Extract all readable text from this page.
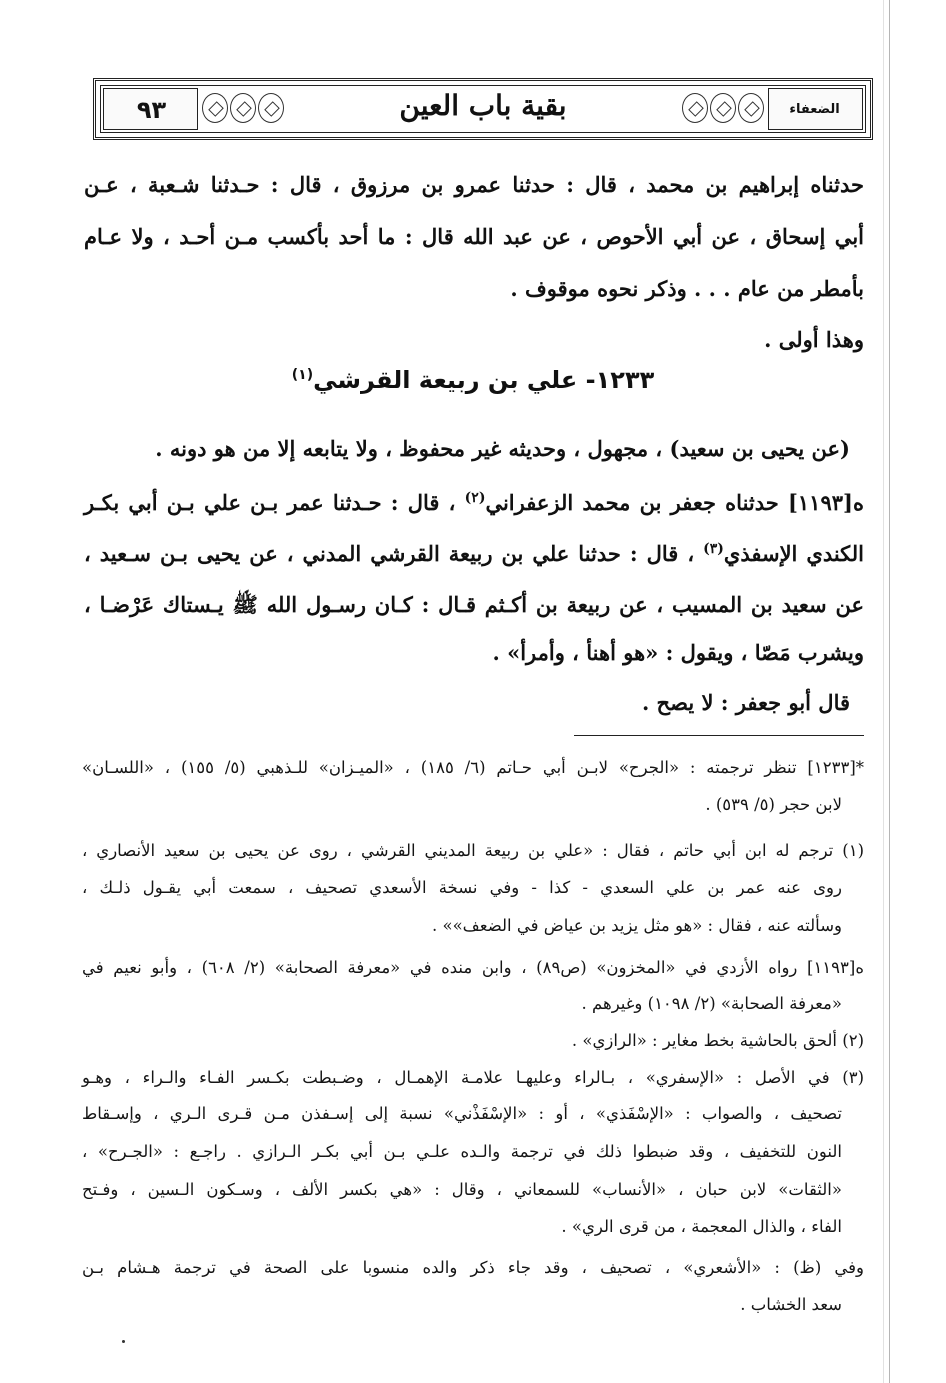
٩٣	بقية باب العين	الضعفاء
حدثناه إبراهيم بن محمد ، قال : حدثنا عمرو بن مرزوق ، قال : حـدثنا شـعبة ، عـن
أبي إسحاق ، عن أبي الأحوص ، عن عبد الله قال : ما أحد بأكسب مـن أحـد ، ولا عـام
بأمطر من عام . . . وذكر نحوه موقوف .
وهذا أولى .
١٢٣٣- علي بن ربيعة القرشي$^{(١)}$
(عن يحيى بن سعيد) ، مجهول ، وحديثه غير محفوظ ، ولا يتابعه إلا من هو دونه .
ه[١١٩٣] حدثناه جعفر بن محمد الزعفراني$^{(٢)}$ ، قال : حـدثنا عمر بـن علي بـن أبي بكـر
الكندي الإسفذي$^{(٣)}$ ، قال : حدثنا علي بن ربيعة القرشي المدني ، عن يحيى بـن سـعيد ،
عن سعيد بن المسيب ، عن ربيعة بن أكـثم قـال : كـان رسـول الله ﷺ يـستاك عَرْضـا ،
ويشرب مَصّا ، ويقول : «هو أهنأ ، وأمرأ» .
قال أبو جعفر : لا يصح .
*[١٢٣٣] تنظر ترجمته : «الجرح» لابـن أبي حـاتم (٦/ ١٨٥) ، «الميـزان» للـذهبي (٥/ ١٥٥) ، «اللسـان»
لابن حجر (٥/ ٥٣٩) .
(١) ترجم له ابن أبي حاتم ، فقال : «علي بن ربيعة المديني القرشي ، روى عن يحيى بن سعيد الأنصاري ،
روى عنه عمر بن علي السعدي - كذا - وفي نسخة الأسعدي تصحيف ، سمعت أبي يقـول ذلـك ،
وسألته عنه ، فقال : «هو مثل يزيد بن عياض في الضعف»» .
ه[١١٩٣] رواه الأزدي في «المخزون» (ص٨٩) ، وابن منده في «معرفة الصحابة» (٢/ ٦٠٨) ، وأبو نعيم في
«معرفة الصحابة» (٢/ ١٠٩٨) وغيرهم .
(٢) ألحق بالحاشية بخط مغاير : «الرازي» .
(٣) في الأصل : «الإسفري» ، بـالراء وعليهـا علامـة الإهمـال ، وضـبطت بكـسر الفـاء والـراء ، وهـو
تصحيف ، والصواب : «الإسْفَذي» ، أو : «الإسْفَذْني» نسبة إلى إسـفذن مـن قـرى الـري ، وإسـقاط
النون للتخفيف ، وقد ضبطوا ذلك في ترجمة والـده علـي بـن أبي بكـر الـرازي . راجـع : «الجـرح» ،
«الثقات» لابن حبان ، «الأنساب» للسمعاني ، وقال : «هي بكسر الألف ، وسـكون الـسين ، وفـتح
الفاء ، والذال المعجمة ، من قرى الري» .
وفي (ظ) : «الأشعري» ، تصحيف ، وقد جاء ذكر والده منسوبا على الصحة في ترجمة هـشام بـن
سعد الخشاب .
